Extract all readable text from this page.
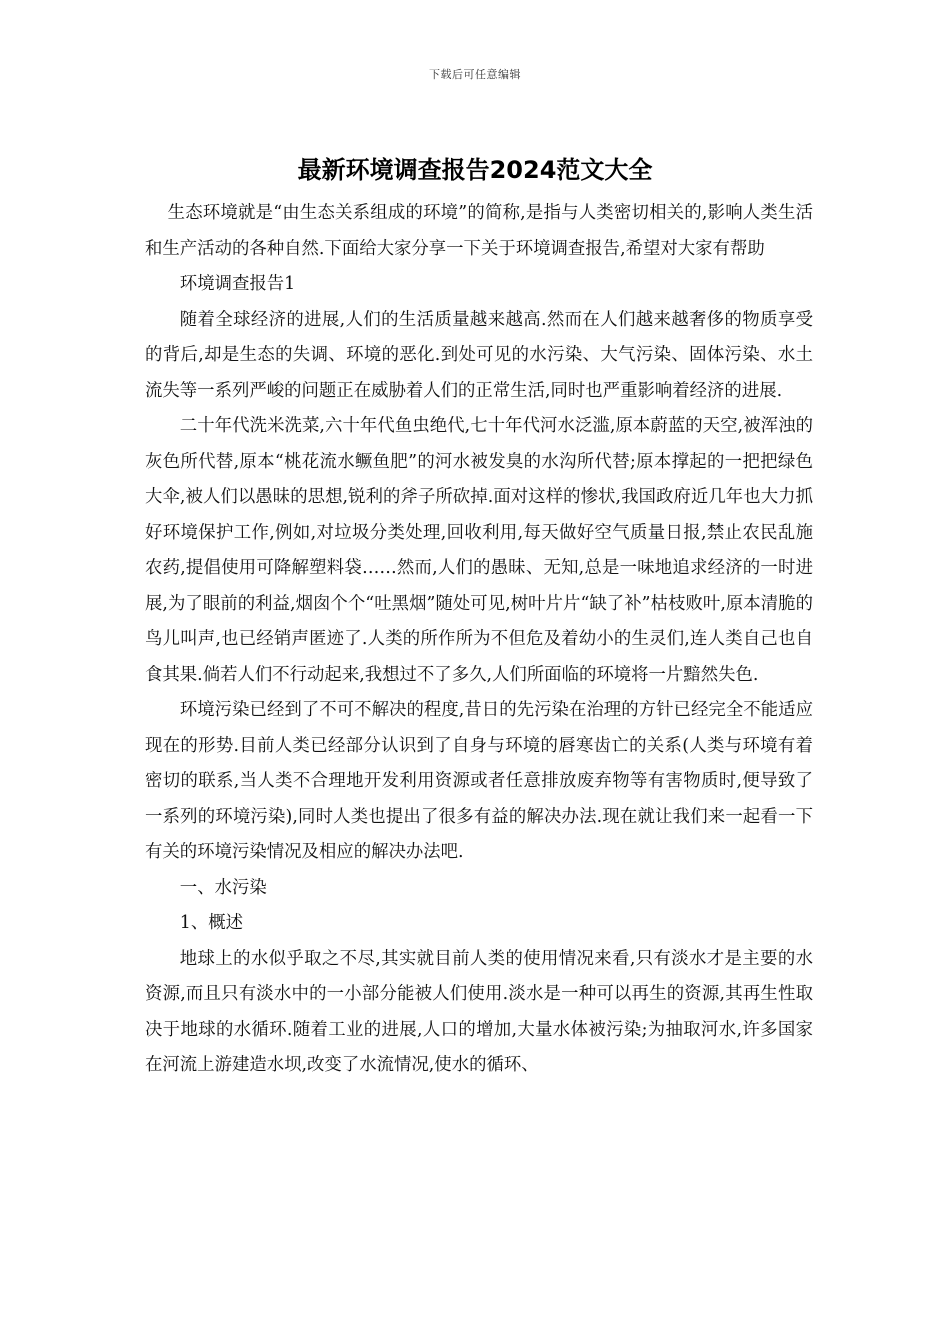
下载后可任意编辑
最新环境调查报告2024范文大全

生态环境就是“由生态关系组成的环境”的简称,是指与人类密切相关的,影响人类生活和生产活动的各种自然.下面给大家分享一下关于环境调查报告,希望对大家有帮助

环境调查报告1

随着全球经济的进展,人们的生活质量越来越高.然而在人们越来越奢侈的物质享受的背后,却是生态的失调、环境的恶化.到处可见的水污染、大气污染、固体污染、水土流失等一系列严峻的问题正在威胁着人们的正常生活,同时也严重影响着经济的进展.

二十年代洗米洗菜,六十年代鱼虫绝代,七十年代河水泛滥,原本蔚蓝的天空,被浑浊的灰色所代替,原本“桃花流水鳜鱼肥”的河水被发臭的水沟所代替;原本撑起的一把把绿色大伞,被人们以愚昧的思想,锐利的斧子所砍掉.面对这样的惨状,我国政府近几年也大力抓好环境保护工作,例如,对垃圾分类处理,回收利用,每天做好空气质量日报,禁止农民乱施农药,提倡使用可降解塑料袋……然而,人们的愚昧、无知,总是一味地追求经济的一时进展,为了眼前的利益,烟囱个个“吐黑烟”随处可见,树叶片片“缺了补”枯枝败叶,原本清脆的鸟儿叫声,也已经销声匿迹了.人类的所作所为不但危及着幼小的生灵们,连人类自己也自食其果.倘若人们不行动起来,我想过不了多久,人们所面临的环境将一片黯然失色.

环境污染已经到了不可不解决的程度,昔日的先污染在治理的方针已经完全不能适应现在的形势.目前人类已经部分认识到了自身与环境的唇寒齿亡的关系(人类与环境有着密切的联系,当人类不合理地开发利用资源或者任意排放废弃物等有害物质时,便导致了一系列的环境污染),同时人类也提出了很多有益的解决办法.现在就让我们来一起看一下有关的环境污染情况及相应的解决办法吧.

一、水污染

1、概述

地球上的水似乎取之不尽,其实就目前人类的使用情况来看,只有淡水才是主要的水资源,而且只有淡水中的一小部分能被人们使用.淡水是一种可以再生的资源,其再生性取决于地球的水循环.随着工业的进展,人口的增加,大量水体被污染;为抽取河水,许多国家在河流上游建造水坝,改变了水流情况,使水的循环、
